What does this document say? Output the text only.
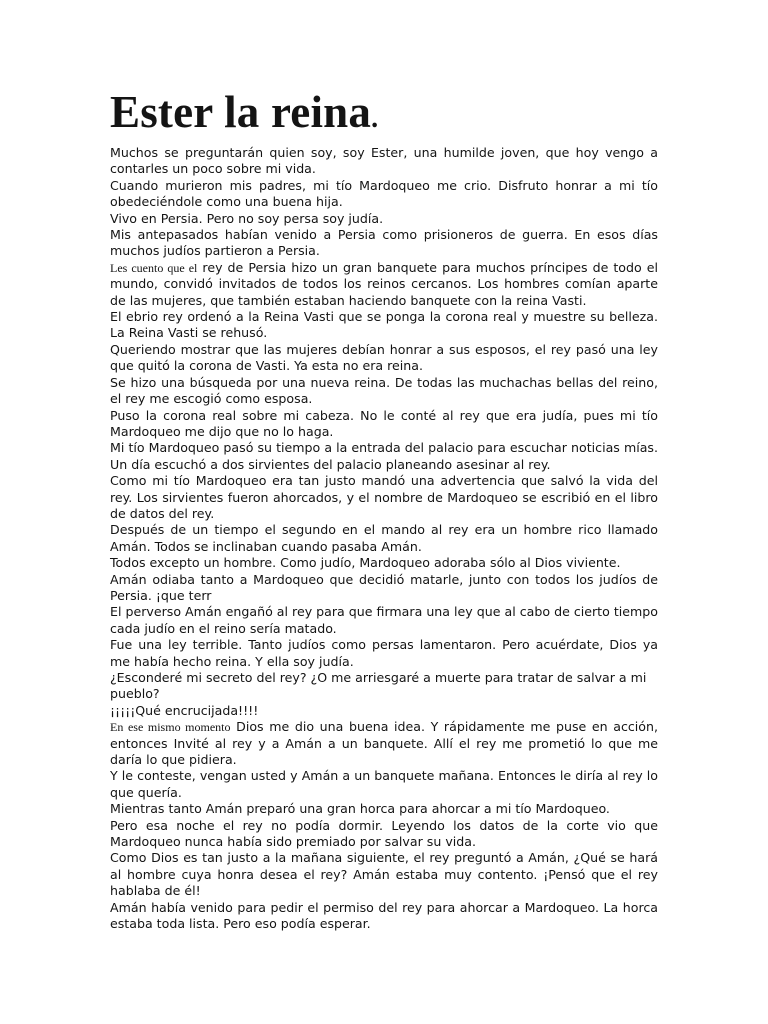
Ester la reina.

Muchos se preguntarán quien soy, soy Ester, una humilde joven, que hoy vengo a contarles un poco sobre mi vida.

Cuando murieron mis padres, mi tío Mardoqueo me crio. Disfruto honrar a mi tío obedeciéndole como una buena hija.

Vivo en Persia. Pero no soy persa soy judía.

Mis antepasados habían venido a Persia como prisioneros de guerra. En esos días muchos judíos partieron a Persia.

Les cuento que el rey de Persia hizo un gran banquete para muchos príncipes de todo el mundo, convidó invitados de todos los reinos cercanos. Los hombres comían aparte de las mujeres, que también estaban haciendo banquete con la reina Vasti.

El ebrio rey ordenó a la Reina Vasti que se ponga la corona real y muestre su belleza. La Reina Vasti se rehusó.

Queriendo mostrar que las mujeres debían honrar a sus esposos, el rey pasó una ley que quitó la corona de Vasti. Ya esta no era reina.

Se hizo una búsqueda por una nueva reina. De todas las muchachas bellas del reino, el rey me escogió como esposa.

Puso la corona real sobre mi cabeza. No le conté al rey que era judía, pues mi tío Mardoqueo me dijo que no lo haga.

Mi tío Mardoqueo pasó su tiempo a la entrada del palacio para escuchar noticias mías. Un día escuchó a dos sirvientes del palacio planeando asesinar al rey.

Como mi tío Mardoqueo era tan justo mandó una advertencia que salvó la vida del rey. Los sirvientes fueron ahorcados, y el nombre de Mardoqueo se escribió en el libro de datos del rey.

Después de un tiempo el segundo en el mando al rey era un hombre rico llamado Amán. Todos se inclinaban cuando pasaba Amán.

Todos excepto un hombre. Como judío, Mardoqueo adoraba sólo al Dios viviente.

Amán odiaba tanto a Mardoqueo que decidió matarle, junto con todos los judíos de Persia. ¡que terr

El perverso Amán engañó al rey para que firmara una ley que al cabo de cierto tiempo cada judío en el reino sería matado.

Fue una ley terrible. Tanto judíos como persas lamentaron. Pero acuérdate, Dios ya me había hecho reina. Y ella soy judía.

¿Esconderé mi secreto del rey? ¿O me arriesgaré a muerte para tratar de salvar a mi pueblo?

¡¡¡¡¡Qué encrucijada!!!!

En ese mismo momento Dios me dio una buena idea. Y rápidamente me puse en acción, entonces Invité al rey y a Amán a un banquete. Allí el rey me prometió lo que me daría lo que pidiera.

Y le conteste, vengan usted y Amán a un banquete mañana. Entonces le diría al rey lo que quería.

Mientras tanto Amán preparó una gran horca para ahorcar a mi tío Mardoqueo.

Pero esa noche el rey no podía dormir. Leyendo los datos de la corte vio que Mardoqueo nunca había sido premiado por salvar su vida.

Como Dios es tan justo a la mañana siguiente, el rey preguntó a Amán, ¿Qué se hará al hombre cuya honra desea el rey? Amán estaba muy contento. ¡Pensó que el rey hablaba de él!

Amán había venido para pedir el permiso del rey para ahorcar a Mardoqueo. La horca estaba toda lista. Pero eso podía esperar.
